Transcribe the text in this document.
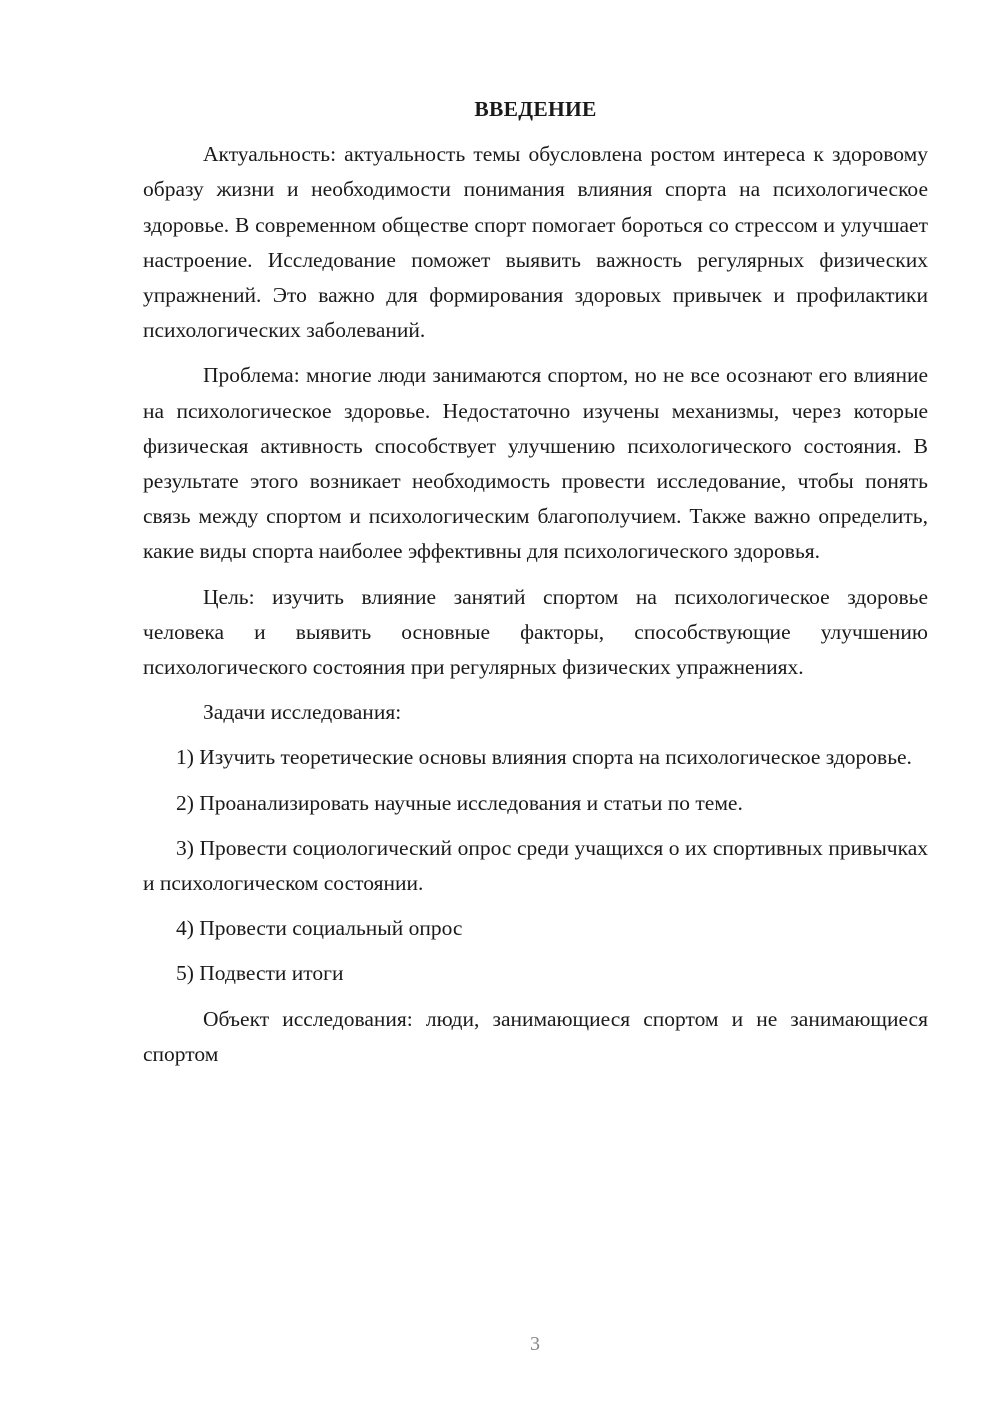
ВВЕДЕНИЕ

Актуальность: актуальность темы обусловлена ростом интереса к здоровому образу жизни и необходимости понимания влияния спорта на психологическое здоровье. В современном обществе спорт помогает бороться со стрессом и улучшает настроение. Исследование поможет выявить важность регулярных физических упражнений. Это важно для формирования здоровых привычек и профилактики психологических заболеваний.

Проблема: многие люди занимаются спортом, но не все осознают его влияние на психологическое здоровье. Недостаточно изучены механизмы, через которые физическая активность способствует улучшению психологического состояния. В результате этого возникает необходимость провести исследование, чтобы понять связь между спортом и психологическим благополучием. Также важно определить, какие виды спорта наиболее эффективны для психологического здоровья.

Цель: изучить влияние занятий спортом на психологическое здоровье человека и выявить основные факторы, способствующие улучшению психологического состояния при регулярных физических упражнениях.

Задачи исследования:

1) Изучить теоретические основы влияния спорта на психологическое здоровье.

2) Проанализировать научные исследования и статьи по теме.

3) Провести социологический опрос среди учащихся о их спортивных привычках и психологическом состоянии.

4) Провести социальный опрос

5) Подвести итоги

Объект исследования: люди, занимающиеся спортом и не занимающиеся спортом

3
